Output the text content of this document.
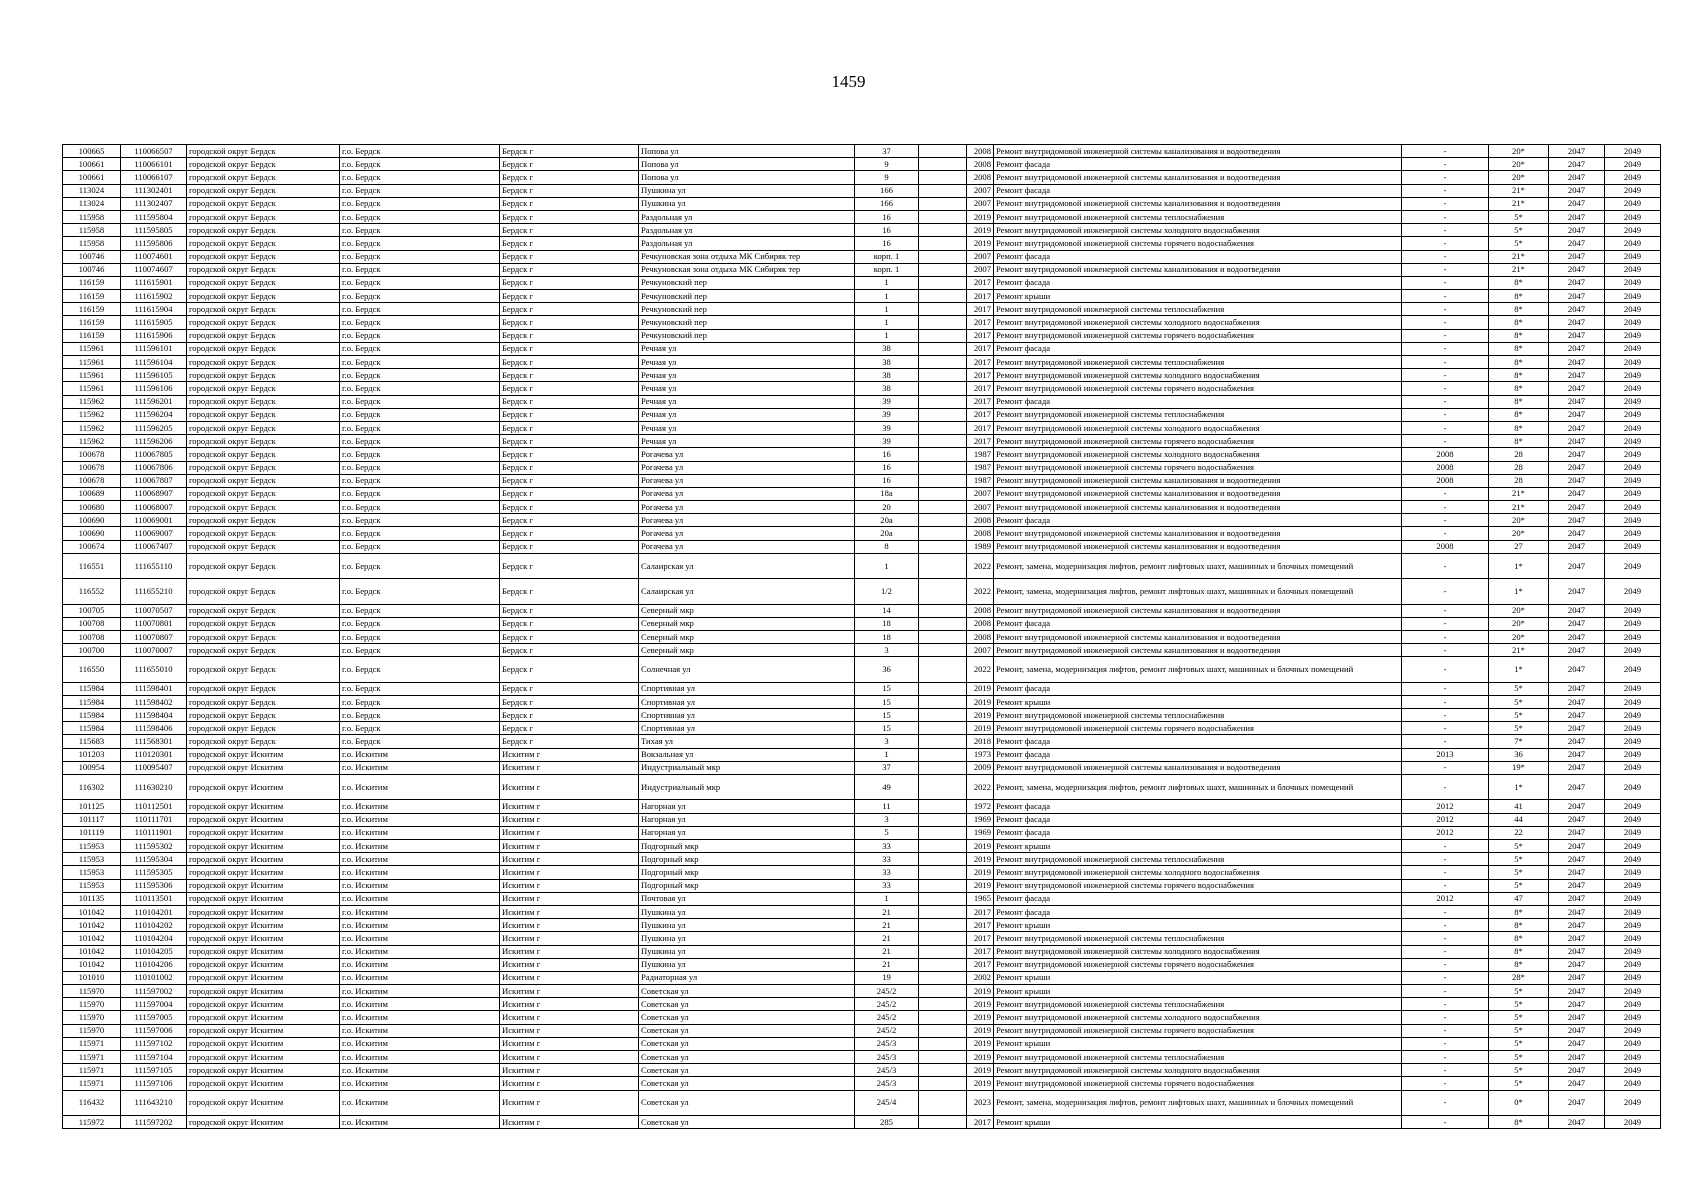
1459
100665	110066507	городской округ Бердск	г.о. Бердск	Бердск г	Попова ул	37		2008	Ремонт внутридомовой инженерной системы канализования и водоотведения	-	20*	2047	2049
100661	110066101	городской округ Бердск	г.о. Бердск	Бердск г	Попова ул	9		2008	Ремонт фасада	-	20*	2047	2049
100661	110066107	городской округ Бердск	г.о. Бердск	Бердск г	Попова ул	9		2008	Ремонт внутридомовой инженерной системы канализования и водоотведения	-	20*	2047	2049
113024	111302401	городской округ Бердск	г.о. Бердск	Бердск г	Пушкина ул	166		2007	Ремонт фасада	-	21*	2047	2049
113024	111302407	городской округ Бердск	г.о. Бердск	Бердск г	Пушкина ул	166		2007	Ремонт внутридомовой инженерной системы канализования и водоотведения	-	21*	2047	2049
115958	111595804	городской округ Бердск	г.о. Бердск	Бердск г	Раздольная ул	16		2019	Ремонт внутридомовой инженерной системы теплоснабжения	-	5*	2047	2049
115958	111595805	городской округ Бердск	г.о. Бердск	Бердск г	Раздольная ул	16		2019	Ремонт внутридомовой инженерной системы холодного водоснабжения	-	5*	2047	2049
115958	111595806	городской округ Бердск	г.о. Бердск	Бердск г	Раздольная ул	16		2019	Ремонт внутридомовой инженерной системы горячего водоснабжения	-	5*	2047	2049
100746	110074601	городской округ Бердск	г.о. Бердск	Бердск г	Речкуновская зона отдыха МК Сибиряк тер	корп. 1		2007	Ремонт фасада	-	21*	2047	2049
100746	110074607	городской округ Бердск	г.о. Бердск	Бердск г	Речкуновская зона отдыха МК Сибиряк тер	корп. 1		2007	Ремонт внутридомовой инженерной системы канализования и водоотведения	-	21*	2047	2049
116159	111615901	городской округ Бердск	г.о. Бердск	Бердск г	Речкуновский пер	1		2017	Ремонт фасада	-	8*	2047	2049
116159	111615902	городской округ Бердск	г.о. Бердск	Бердск г	Речкуновский пер	1		2017	Ремонт крыши	-	8*	2047	2049
116159	111615904	городской округ Бердск	г.о. Бердск	Бердск г	Речкуновский пер	1		2017	Ремонт внутридомовой инженерной системы теплоснабжения	-	8*	2047	2049
116159	111615905	городской округ Бердск	г.о. Бердск	Бердск г	Речкуновский пер	1		2017	Ремонт внутридомовой инженерной системы холодного водоснабжения	-	8*	2047	2049
116159	111615906	городской округ Бердск	г.о. Бердск	Бердск г	Речкуновский пер	1		2017	Ремонт внутридомовой инженерной системы горячего водоснабжения	-	8*	2047	2049
115961	111596101	городской округ Бердск	г.о. Бердск	Бердск г	Речная ул	38		2017	Ремонт фасада	-	8*	2047	2049
115961	111596104	городской округ Бердск	г.о. Бердск	Бердск г	Речная ул	38		2017	Ремонт внутридомовой инженерной системы теплоснабжения	-	8*	2047	2049
115961	111596105	городской округ Бердск	г.о. Бердск	Бердск г	Речная ул	38		2017	Ремонт внутридомовой инженерной системы холодного водоснабжения	-	8*	2047	2049
115961	111596106	городской округ Бердск	г.о. Бердск	Бердск г	Речная ул	38		2017	Ремонт внутридомовой инженерной системы горячего водоснабжения	-	8*	2047	2049
115962	111596201	городской округ Бердск	г.о. Бердск	Бердск г	Речная ул	39		2017	Ремонт фасада	-	8*	2047	2049
115962	111596204	городской округ Бердск	г.о. Бердск	Бердск г	Речная ул	39		2017	Ремонт внутридомовой инженерной системы теплоснабжения	-	8*	2047	2049
115962	111596205	городской округ Бердск	г.о. Бердск	Бердск г	Речная ул	39		2017	Ремонт внутридомовой инженерной системы холодного водоснабжения	-	8*	2047	2049
115962	111596206	городской округ Бердск	г.о. Бердск	Бердск г	Речная ул	39		2017	Ремонт внутридомовой инженерной системы горячего водоснабжения	-	8*	2047	2049
100678	110067805	городской округ Бердск	г.о. Бердск	Бердск г	Рогачева ул	16		1987	Ремонт внутридомовой инженерной системы холодного водоснабжения	2008	28	2047	2049
100678	110067806	городской округ Бердск	г.о. Бердск	Бердск г	Рогачева ул	16		1987	Ремонт внутридомовой инженерной системы горячего водоснабжения	2008	28	2047	2049
100678	110067807	городской округ Бердск	г.о. Бердск	Бердск г	Рогачева ул	16		1987	Ремонт внутридомовой инженерной системы канализования и водоотведения	2008	28	2047	2049
100689	110068907	городской округ Бердск	г.о. Бердск	Бердск г	Рогачева ул	18а		2007	Ремонт внутридомовой инженерной системы канализования и водоотведения	-	21*	2047	2049
100680	110068007	городской округ Бердск	г.о. Бердск	Бердск г	Рогачева ул	20		2007	Ремонт внутридомовой инженерной системы канализования и водоотведения	-	21*	2047	2049
100690	110069001	городской округ Бердск	г.о. Бердск	Бердск г	Рогачева ул	20а		2008	Ремонт фасада	-	20*	2047	2049
100690	110069007	городской округ Бердск	г.о. Бердск	Бердск г	Рогачева ул	20а		2008	Ремонт внутридомовой инженерной системы канализования и водоотведения	-	20*	2047	2049
100674	110067407	городской округ Бердск	г.о. Бердск	Бердск г	Рогачева ул	8		1989	Ремонт внутридомовой инженерной системы канализования и водоотведения	2008	27	2047	2049
116551	111655110	городской округ Бердск	г.о. Бердск	Бердск г	Салаирская ул	1		2022	Ремонт, замена, модернизация лифтов, ремонт лифтовых шахт, машинных и блочных помещений	-	1*	2047	2049
116552	111655210	городской округ Бердск	г.о. Бердск	Бердск г	Салаирская ул	1/2		2022	Ремонт, замена, модернизация лифтов, ремонт лифтовых шахт, машинных и блочных помещений	-	1*	2047	2049
100705	110070507	городской округ Бердск	г.о. Бердск	Бердск г	Северный мкр	14		2008	Ремонт внутридомовой инженерной системы канализования и водоотведения	-	20*	2047	2049
100708	110070801	городской округ Бердск	г.о. Бердск	Бердск г	Северный мкр	18		2008	Ремонт фасада	-	20*	2047	2049
100708	110070807	городской округ Бердск	г.о. Бердск	Бердск г	Северный мкр	18		2008	Ремонт внутридомовой инженерной системы канализования и водоотведения	-	20*	2047	2049
100700	110070007	городской округ Бердск	г.о. Бердск	Бердск г	Северный мкр	3		2007	Ремонт внутридомовой инженерной системы канализования и водоотведения	-	21*	2047	2049
116550	111655010	городской округ Бердск	г.о. Бердск	Бердск г	Солнечная ул	36		2022	Ремонт, замена, модернизация лифтов, ремонт лифтовых шахт, машинных и блочных помещений	-	1*	2047	2049
115984	111598401	городской округ Бердск	г.о. Бердск	Бердск г	Спортивная ул	15		2019	Ремонт фасада	-	5*	2047	2049
115984	111598402	городской округ Бердск	г.о. Бердск	Бердск г	Спортивная ул	15		2019	Ремонт крыши	-	5*	2047	2049
115984	111598404	городской округ Бердск	г.о. Бердск	Бердск г	Спортивная ул	15		2019	Ремонт внутридомовой инженерной системы теплоснабжения	-	5*	2047	2049
115984	111598406	городской округ Бердск	г.о. Бердск	Бердск г	Спортивная ул	15		2019	Ремонт внутридомовой инженерной системы горячего водоснабжения	-	5*	2047	2049
115683	111568301	городской округ Бердск	г.о. Бердск	Бердск г	Тихая ул	3		2018	Ремонт фасада	-	7*	2047	2049
101203	110120301	городской округ Искитим	г.о. Искитим	Искитим г	Вокзальная ул	1		1973	Ремонт фасада	2013	36	2047	2049
100954	110095407	городской округ Искитим	г.о. Искитим	Искитим г	Индустриальный мкр	37		2009	Ремонт внутридомовой инженерной системы канализования и водоотведения	-	19*	2047	2049
116302	111630210	городской округ Искитим	г.о. Искитим	Искитим г	Индустриальный мкр	49		2022	Ремонт, замена, модернизация лифтов, ремонт лифтовых шахт, машинных и блочных помещений	-	1*	2047	2049
101125	110112501	городской округ Искитим	г.о. Искитим	Искитим г	Нагорная ул	11		1972	Ремонт фасада	2012	41	2047	2049
101117	110111701	городской округ Искитим	г.о. Искитим	Искитим г	Нагорная ул	3		1969	Ремонт фасада	2012	44	2047	2049
101119	110111901	городской округ Искитим	г.о. Искитим	Искитим г	Нагорная ул	5		1969	Ремонт фасада	2012	22	2047	2049
115953	111595302	городской округ Искитим	г.о. Искитим	Искитим г	Подгорный мкр	33		2019	Ремонт крыши	-	5*	2047	2049
115953	111595304	городской округ Искитим	г.о. Искитим	Искитим г	Подгорный мкр	33		2019	Ремонт внутридомовой инженерной системы теплоснабжения	-	5*	2047	2049
115953	111595305	городской округ Искитим	г.о. Искитим	Искитим г	Подгорный мкр	33		2019	Ремонт внутридомовой инженерной системы холодного водоснабжения	-	5*	2047	2049
115953	111595306	городской округ Искитим	г.о. Искитим	Искитим г	Подгорный мкр	33		2019	Ремонт внутридомовой инженерной системы горячего водоснабжения	-	5*	2047	2049
101135	110113501	городской округ Искитим	г.о. Искитим	Искитим г	Почтовая ул	1		1965	Ремонт фасада	2012	47	2047	2049
101042	110104201	городской округ Искитим	г.о. Искитим	Искитим г	Пушкина ул	21		2017	Ремонт фасада	-	8*	2047	2049
101042	110104202	городской округ Искитим	г.о. Искитим	Искитим г	Пушкина ул	21		2017	Ремонт крыши	-	8*	2047	2049
101042	110104204	городской округ Искитим	г.о. Искитим	Искитим г	Пушкина ул	21		2017	Ремонт внутридомовой инженерной системы теплоснабжения	-	8*	2047	2049
101042	110104205	городской округ Искитим	г.о. Искитим	Искитим г	Пушкина ул	21		2017	Ремонт внутридомовой инженерной системы холодного водоснабжения	-	8*	2047	2049
101042	110104206	городской округ Искитим	г.о. Искитим	Искитим г	Пушкина ул	21		2017	Ремонт внутридомовой инженерной системы горячего водоснабжения	-	8*	2047	2049
101010	110101002	городской округ Искитим	г.о. Искитим	Искитим г	Радиаторная ул	19		2002	Ремонт крыши	-	28*	2047	2049
115970	111597002	городской округ Искитим	г.о. Искитим	Искитим г	Советская ул	245/2		2019	Ремонт крыши	-	5*	2047	2049
115970	111597004	городской округ Искитим	г.о. Искитим	Искитим г	Советская ул	245/2		2019	Ремонт внутридомовой инженерной системы теплоснабжения	-	5*	2047	2049
115970	111597005	городской округ Искитим	г.о. Искитим	Искитим г	Советская ул	245/2		2019	Ремонт внутридомовой инженерной системы холодного водоснабжения	-	5*	2047	2049
115970	111597006	городской округ Искитим	г.о. Искитим	Искитим г	Советская ул	245/2		2019	Ремонт внутридомовой инженерной системы горячего водоснабжения	-	5*	2047	2049
115971	111597102	городской округ Искитим	г.о. Искитим	Искитим г	Советская ул	245/3		2019	Ремонт крыши	-	5*	2047	2049
115971	111597104	городской округ Искитим	г.о. Искитим	Искитим г	Советская ул	245/3		2019	Ремонт внутридомовой инженерной системы теплоснабжения	-	5*	2047	2049
115971	111597105	городской округ Искитим	г.о. Искитим	Искитим г	Советская ул	245/3		2019	Ремонт внутридомовой инженерной системы холодного водоснабжения	-	5*	2047	2049
115971	111597106	городской округ Искитим	г.о. Искитим	Искитим г	Советская ул	245/3		2019	Ремонт внутридомовой инженерной системы горячего водоснабжения	-	5*	2047	2049
116432	111643210	городской округ Искитим	г.о. Искитим	Искитим г	Советская ул	245/4		2023	Ремонт, замена, модернизация лифтов, ремонт лифтовых шахт, машинных и блочных помещений	-	0*	2047	2049
115972	111597202	городской округ Искитим	г.о. Искитим	Искитим г	Советская ул	285		2017	Ремонт крыши	-	8*	2047	2049
